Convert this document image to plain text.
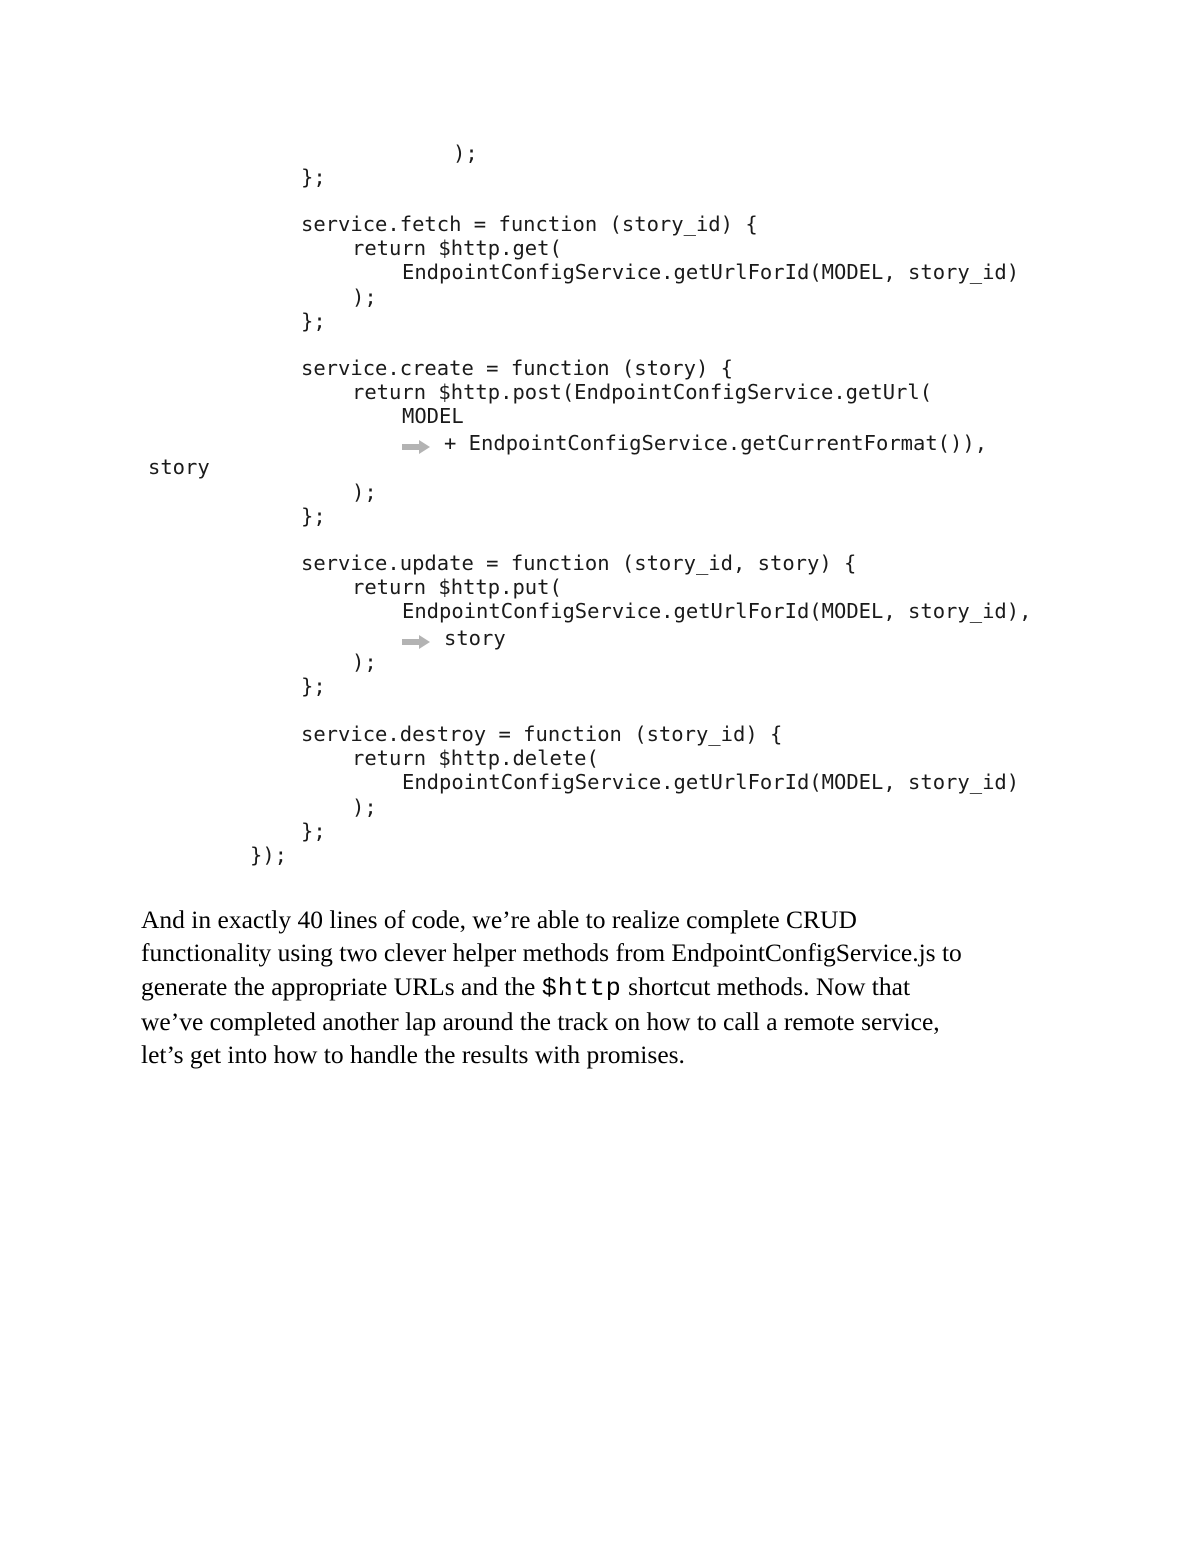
);
};
service.fetch = function (story_id) {
return $http.get(
EndpointConfigService.getUrlForId(MODEL, story_id)
);
};
service.create = function (story) {
return $http.post(EndpointConfigService.getUrl(
MODEL
+ EndpointConfigService.getCurrentFormat()),
story
);
};
service.update = function (story_id, story) {
return $http.put(
EndpointConfigService.getUrlForId(MODEL, story_id),
story
);
};
service.destroy = function (story_id) {
return $http.delete(
EndpointConfigService.getUrlForId(MODEL, story_id)
);
};
});
And in exactly 40 lines of code, we’re able to realize complete CRUD
functionality using two clever helper methods from EndpointConfigService.js to
generate the appropriate URLs and the $http shortcut methods. Now that
we’ve completed another lap around the track on how to call a remote service,
let’s get into how to handle the results with promises.
